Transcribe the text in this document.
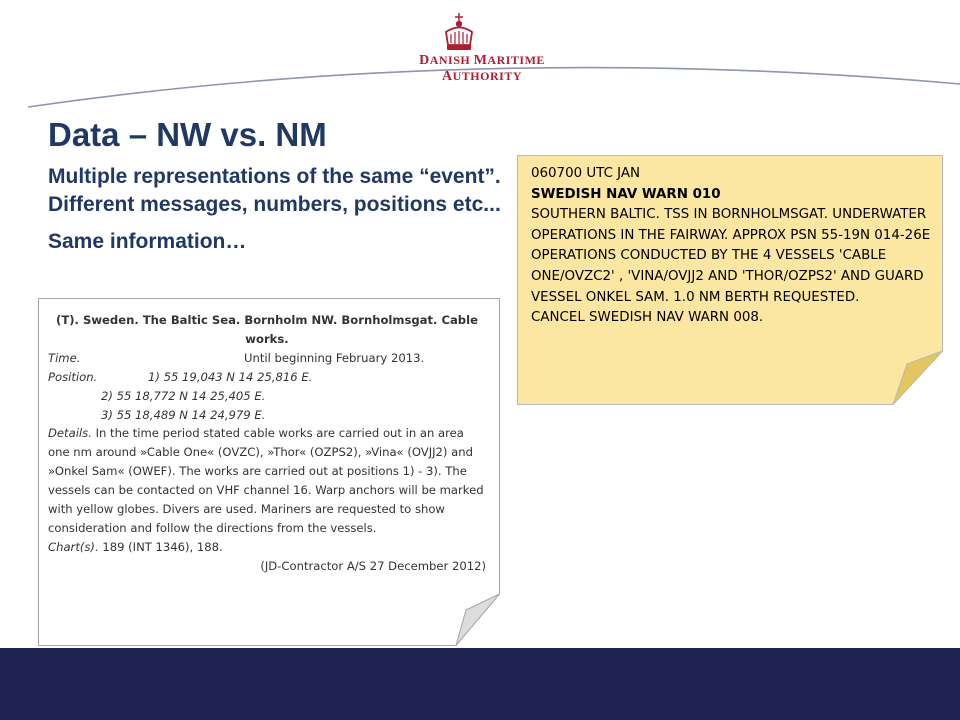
DANISH MARITIME AUTHORITY
Data – NW vs. NM

Multiple representations of the same “event”. Different messages, numbers, positions etc...

Same information…

(T). Sweden. The Baltic Sea. Bornholm NW. Bornholmsgat. Cable works.
Time.	Until beginning February 2013.
Position.	1) 55 19,043 N 14 25,816 E.
2) 55 18,772 N 14 25,405 E.
3) 55 18,489 N 14 24,979 E.
Details. In the time period stated cable works are carried out in an area one nm around »Cable One« (OVZC), »Thor« (OZPS2), »Vina« (OVJJ2) and »Onkel Sam« (OWEF). The works are carried out at positions 1) - 3). The vessels can be contacted on VHF channel 16. Warp anchors will be marked with yellow globes. Divers are used. Mariners are requested to show consideration and follow the directions from the vessels.
Chart(s). 189 (INT 1346), 188.
(JD-Contractor A/S 27 December 2012)
060700 UTC JAN
SWEDISH NAV WARN 010
SOUTHERN BALTIC. TSS IN BORNHOLMSGAT. UNDERWATER OPERATIONS IN THE FAIRWAY. APPROX PSN 55-19N 014-26E OPERATIONS CONDUCTED BY THE 4 VESSELS 'CABLE ONE/OVZC2' , 'VINA/OVJJ2 AND 'THOR/OZPS2' AND GUARD VESSEL ONKEL SAM. 1.0 NM BERTH REQUESTED.
CANCEL SWEDISH NAV WARN 008.
